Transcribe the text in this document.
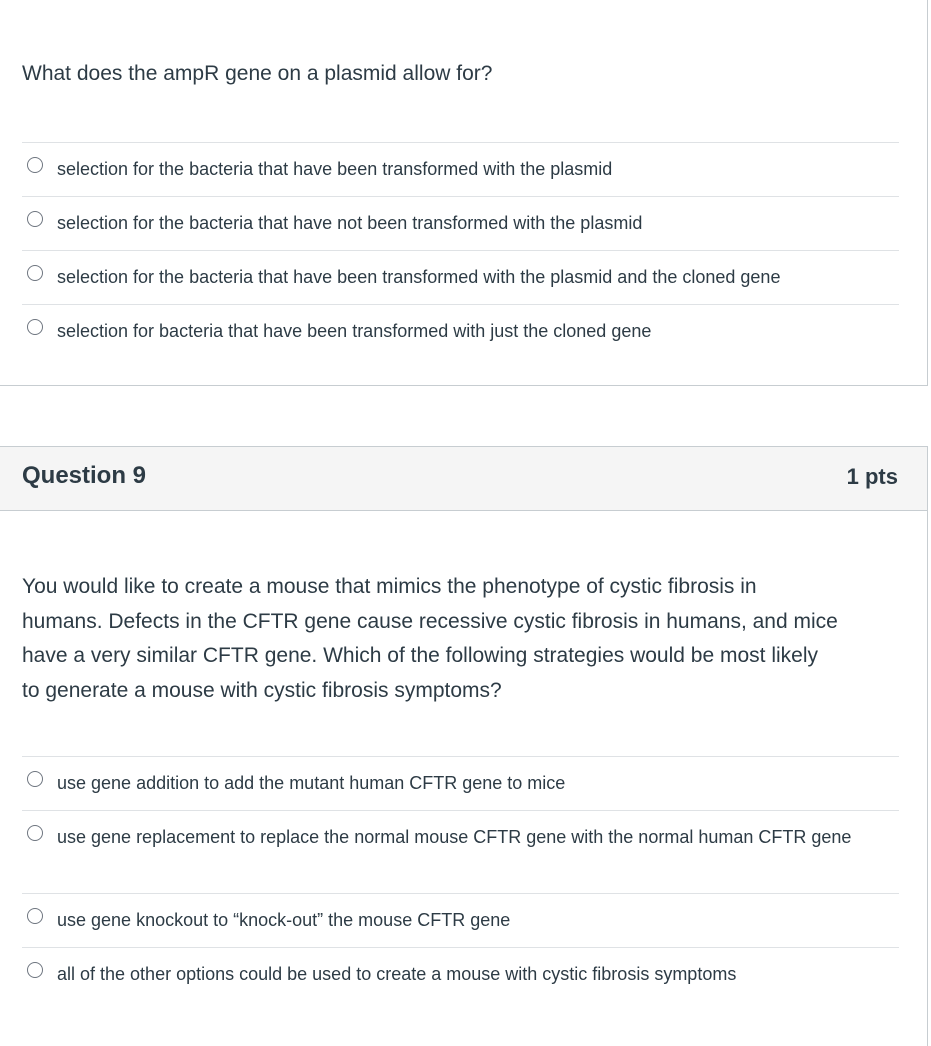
What does the ampR gene on a plasmid allow for?
selection for the bacteria that have been transformed with the plasmid
selection for the bacteria that have not been transformed with the plasmid
selection for the bacteria that have been transformed with the plasmid and the cloned gene
selection for bacteria that have been transformed with just the cloned gene
Question 9	1 pts
You would like to create a mouse that mimics the phenotype of cystic fibrosis in
humans. Defects in the CFTR gene cause recessive cystic fibrosis in humans, and mice
have a very similar CFTR gene. Which of the following strategies would be most likely
to generate a mouse with cystic fibrosis symptoms?
use gene addition to add the mutant human CFTR gene to mice
use gene replacement to replace the normal mouse CFTR gene with the normal human CFTR gene
use gene knockout to “knock-out” the mouse CFTR gene
all of the other options could be used to create a mouse with cystic fibrosis symptoms
